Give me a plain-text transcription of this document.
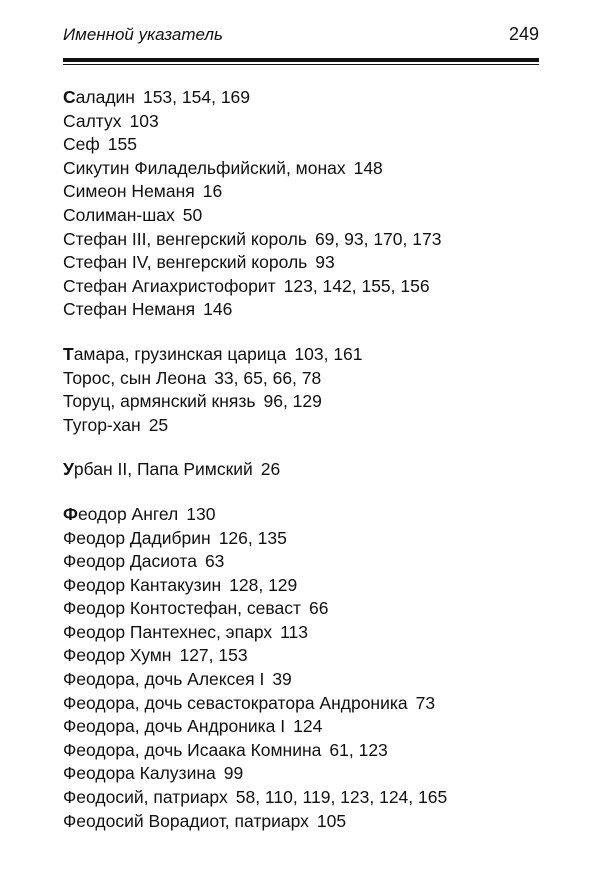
Именной указатель	249
Саладин 153, 154, 169
Салтух 103
Сеф 155
Сикутин Филадельфийский, монах 148
Симеон Неманя 16
Солиман-шах 50
Стефан III, венгерский король 69, 93, 170, 173
Стефан IV, венгерский король 93
Стефан Агиахристофорит 123, 142, 155, 156
Стефан Неманя 146
Тамара, грузинская царица 103, 161
Торос, сын Леона 33, 65, 66, 78
Торуц, армянский князь 96, 129
Тугор-хан 25
Урбан II, Папа Римский 26
Феодор Ангел 130
Феодор Дадибрин 126, 135
Феодор Дасиота 63
Феодор Кантакузин 128, 129
Феодор Контостефан, севаст 66
Феодор Пантехнес, эпарх 113
Феодор Хумн 127, 153
Феодора, дочь Алексея I 39
Феодора, дочь севастократора Андроника 73
Феодора, дочь Андроника I 124
Феодора, дочь Исаака Комнина 61, 123
Феодора Калузина 99
Феодосий, патриарх 58, 110, 119, 123, 124, 165
Феодосий Ворадиот, патриарх 105
